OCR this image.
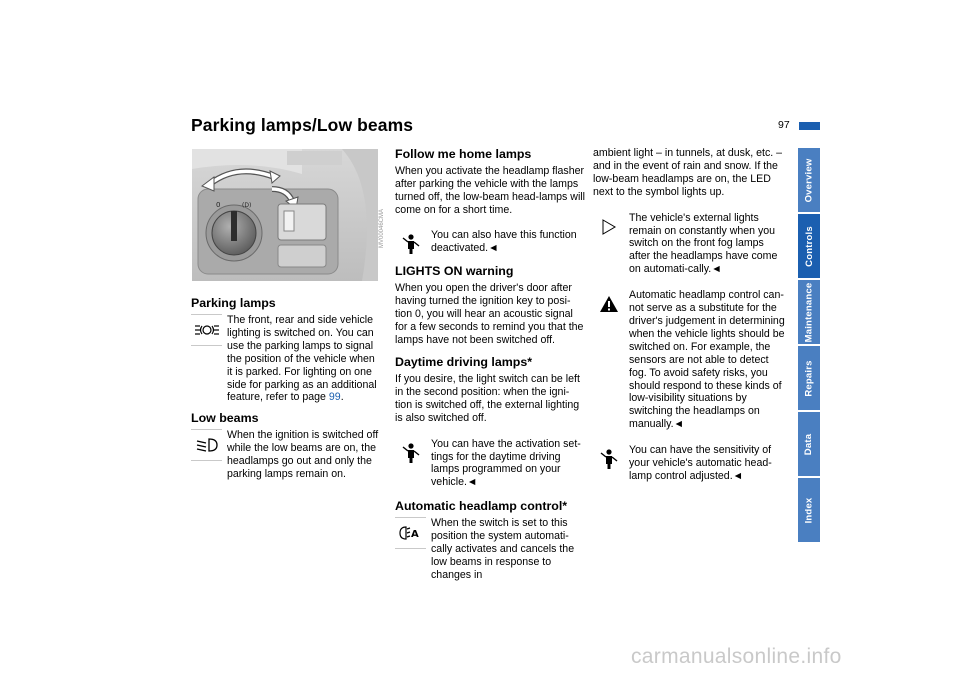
Parking lamps/Low beams	97
0	(D)
MV00046CMA
Parking lamps

The front, rear and side vehicle lighting is switched on. You can use the parking lamps to signal the position of the vehicle when it is parked. For lighting on one side for parking as an additional feature, refer to page 99.

Low beams

When the ignition is switched off while the low beams are on, the headlamps go out and only the parking lamps remain on.

Follow me home lamps

When you activate the headlamp flasher after parking the vehicle with the lamps turned off, the low-beam head-lamps will come on for a short time.

You can also have this function deactivated.◄

LIGHTS ON warning

When you open the driver's door after having turned the ignition key to posi-tion 0, you will hear an acoustic signal for a few seconds to remind you that the lamps have not been switched off.

Daytime driving lamps*

If you desire, the light switch can be left in the second position: when the igni-tion is switched off, the external lighting is also switched off.

You can have the activation set-tings for the daytime driving lamps programmed on your vehicle.◄

Automatic headlamp control*
A

When the switch is set to this position the system automati-cally activates and cancels the low beams in response to changes in

ambient light – in tunnels, at dusk, etc. – and in the event of rain and snow. If the low-beam headlamps are on, the LED next to the symbol lights up.

The vehicle's external lights remain on constantly when you switch on the front fog lamps after the headlamps have come on automati-cally.◄

Automatic headlamp control can-not serve as a substitute for the driver's judgement in determining when the vehicle lights should be switched on. For example, the sensors are not able to detect fog. To avoid safety risks, you should respond to these kinds of low-visibility situations by switching the headlamps on manually.◄

You can have the sensitivity of your vehicle's automatic head-lamp control adjusted.◄

Overview
Controls
Maintenance
Repairs
Data
Index
carmanualsonline.info
